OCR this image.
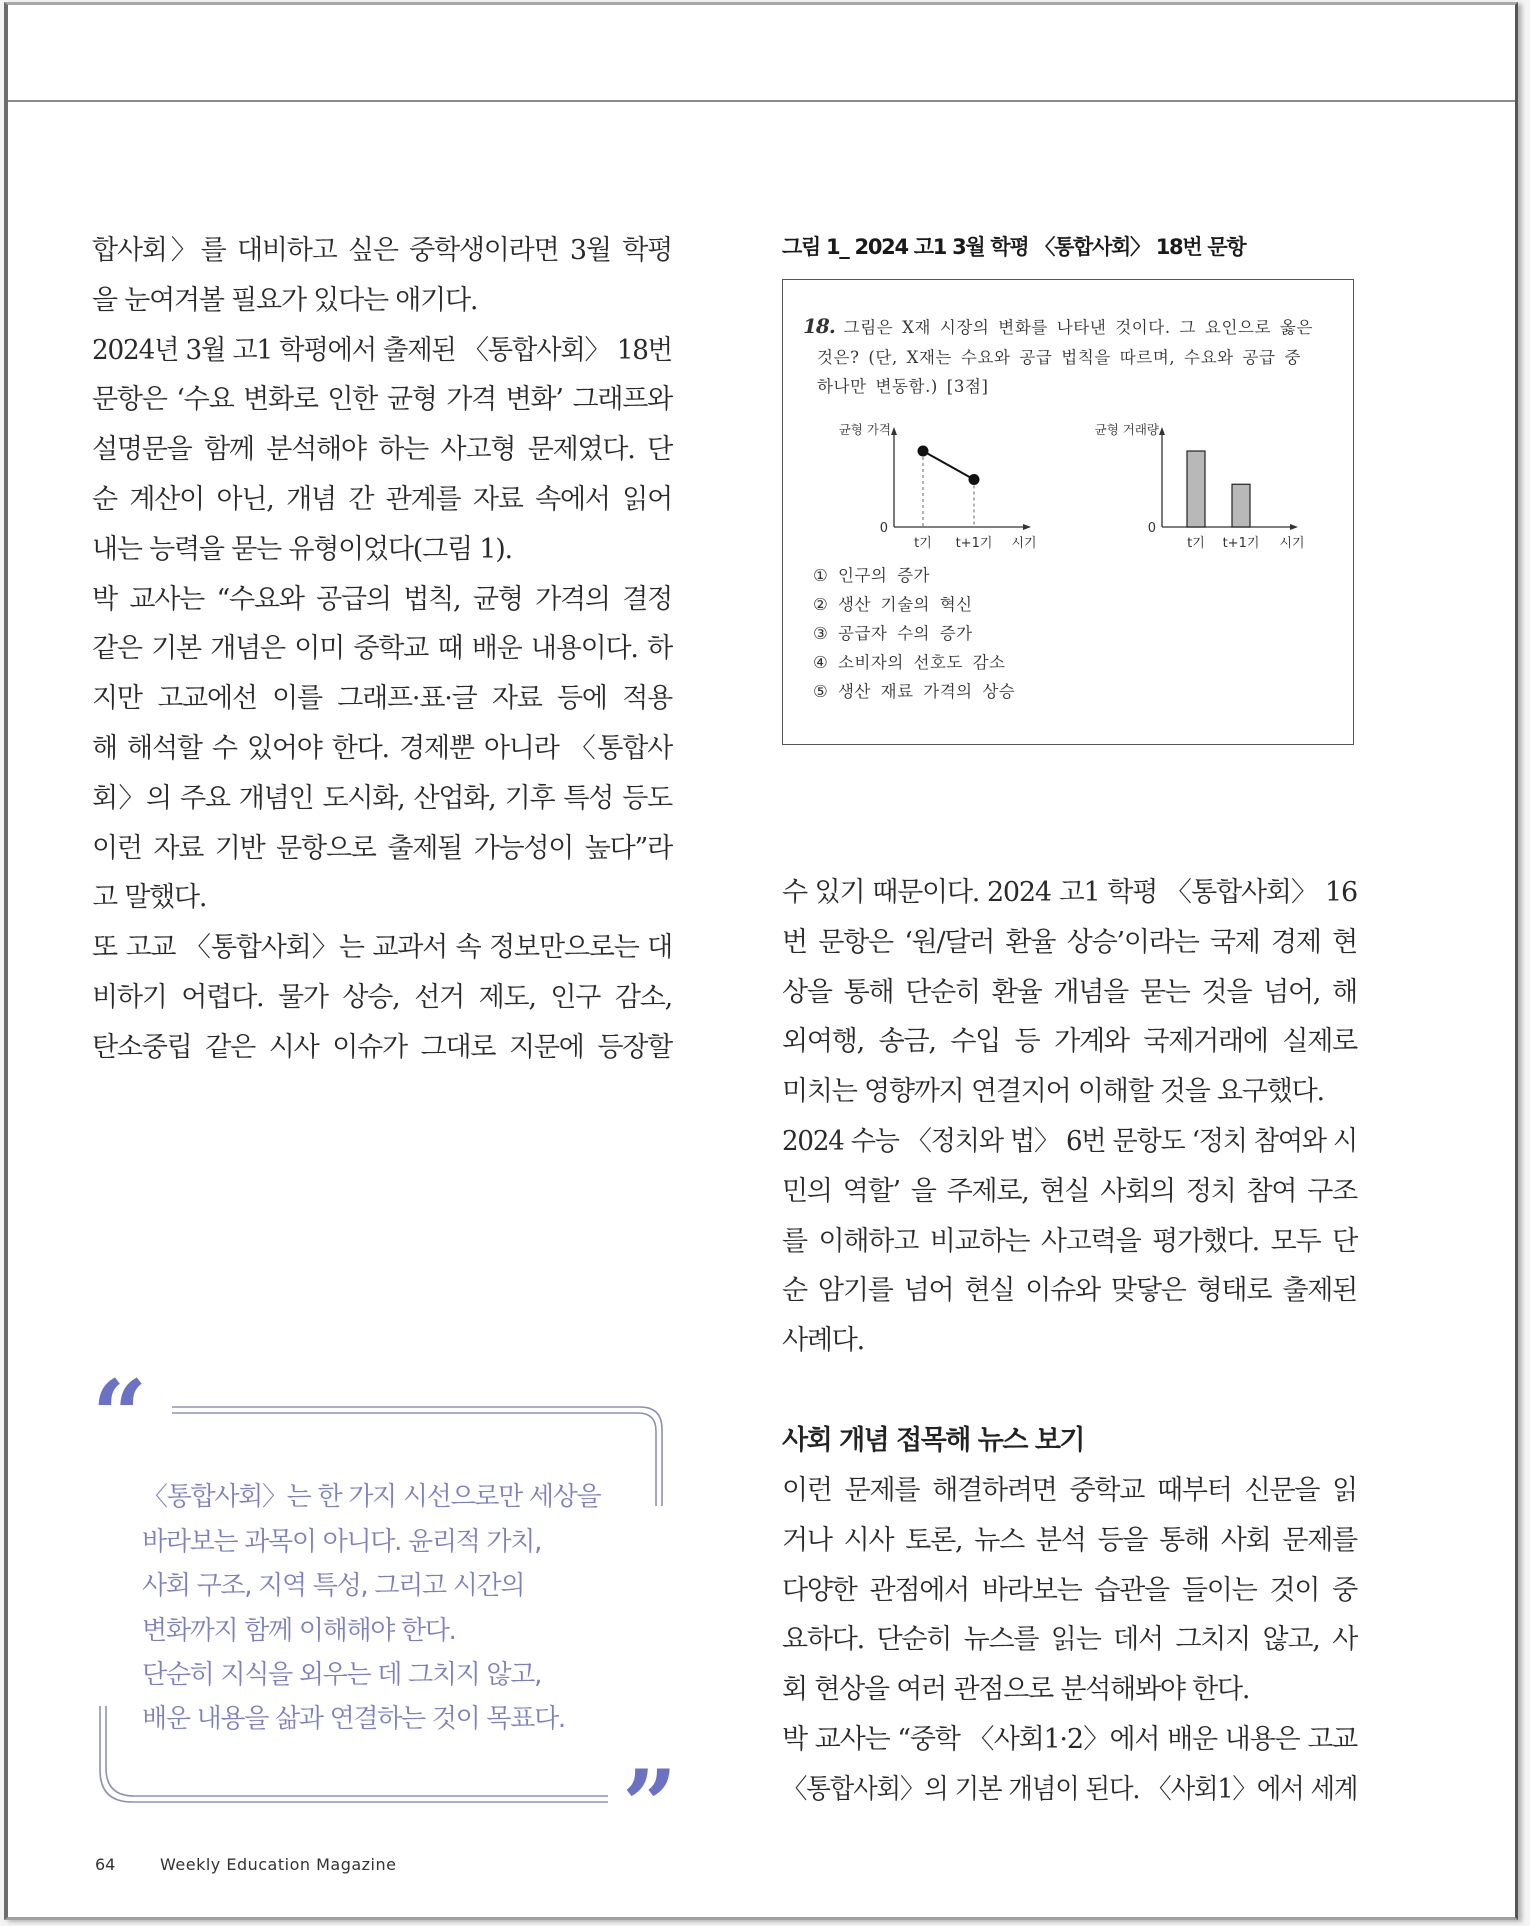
합사회〉를 대비하고 싶은 중학생이라면 3월 학평
을 눈여겨볼 필요가 있다는 애기다.
2024년 3월 고1 학평에서 출제된 〈통합사회〉 18번
문항은 ‘수요 변화로 인한 균형 가격 변화’ 그래프와
설명문을 함께 분석해야 하는 사고형 문제였다. 단
순 계산이 아닌, 개념 간 관계를 자료 속에서 읽어
내는 능력을 묻는 유형이었다(그림 1).
박 교사는 “수요와 공급의 법칙, 균형 가격의 결정
같은 기본 개념은 이미 중학교 때 배운 내용이다. 하
지만 고교에선 이를 그래프·표·글 자료 등에 적용
해 해석할 수 있어야 한다. 경제뿐 아니라 〈통합사
회〉의 주요 개념인 도시화, 산업화, 기후 특성 등도
이런 자료 기반 문항으로 출제될 가능성이 높다”라
고 말했다.
또 고교 〈통합사회〉는 교과서 속 정보만으로는 대
비하기 어렵다. 물가 상승, 선거 제도, 인구 감소,
탄소중립 같은 시사 이슈가 그대로 지문에 등장할
그림 1_ 2024 고1 3월 학평 〈통합사회〉 18번 문항
18. 그림은 X재 시장의 변화를 나타낸 것이다. 그 요인으로 옳은
것은? (단, X재는 수요와 공급 법칙을 따르며, 수요와 공급 중
하나만 변동함.) [3점]
균형 가격
0
시기
t기 t+1기
균형 거래량
0
시기
t기 t+1기
① 인구의 증가
② 생산 기술의 혁신
③ 공급자 수의 증가
④ 소비자의 선호도 감소
⑤ 생산 재료 가격의 상승
수 있기 때문이다. 2024 고1 학평 〈통합사회〉 16
번 문항은 ‘원/달러 환율 상승’이라는 국제 경제 현
상을 통해 단순히 환율 개념을 묻는 것을 넘어, 해
외여행, 송금, 수입 등 가계와 국제거래에 실제로
미치는 영향까지 연결지어 이해할 것을 요구했다.
2024 수능 〈정치와 법〉 6번 문항도 ‘정치 참여와 시
민의 역할’ 을 주제로, 현실 사회의 정치 참여 구조
를 이해하고 비교하는 사고력을 평가했다. 모두 단
순 암기를 넘어 현실 이슈와 맞닿은 형태로 출제된
사례다.
사회 개념 접목해 뉴스 보기
이런 문제를 해결하려면 중학교 때부터 신문을 읽
거나 시사 토론, 뉴스 분석 등을 통해 사회 문제를
다양한 관점에서 바라보는 습관을 들이는 것이 중
요하다. 단순히 뉴스를 읽는 데서 그치지 않고, 사
회 현상을 여러 관점으로 분석해봐야 한다.
박 교사는 “중학 〈사회1·2〉에서 배운 내용은 고교
〈통합사회〉의 기본 개념이 된다. 〈사회1〉에서 세계
“
”
〈통합사회〉는 한 가지 시선으로만 세상을
바라보는 과목이 아니다. 윤리적 가치,
사회 구조, 지역 특성, 그리고 시간의
변화까지 함께 이해해야 한다.
단순히 지식을 외우는 데 그치지 않고,
배운 내용을 삶과 연결하는 것이 목표다.
64	Weekly Education Magazine
